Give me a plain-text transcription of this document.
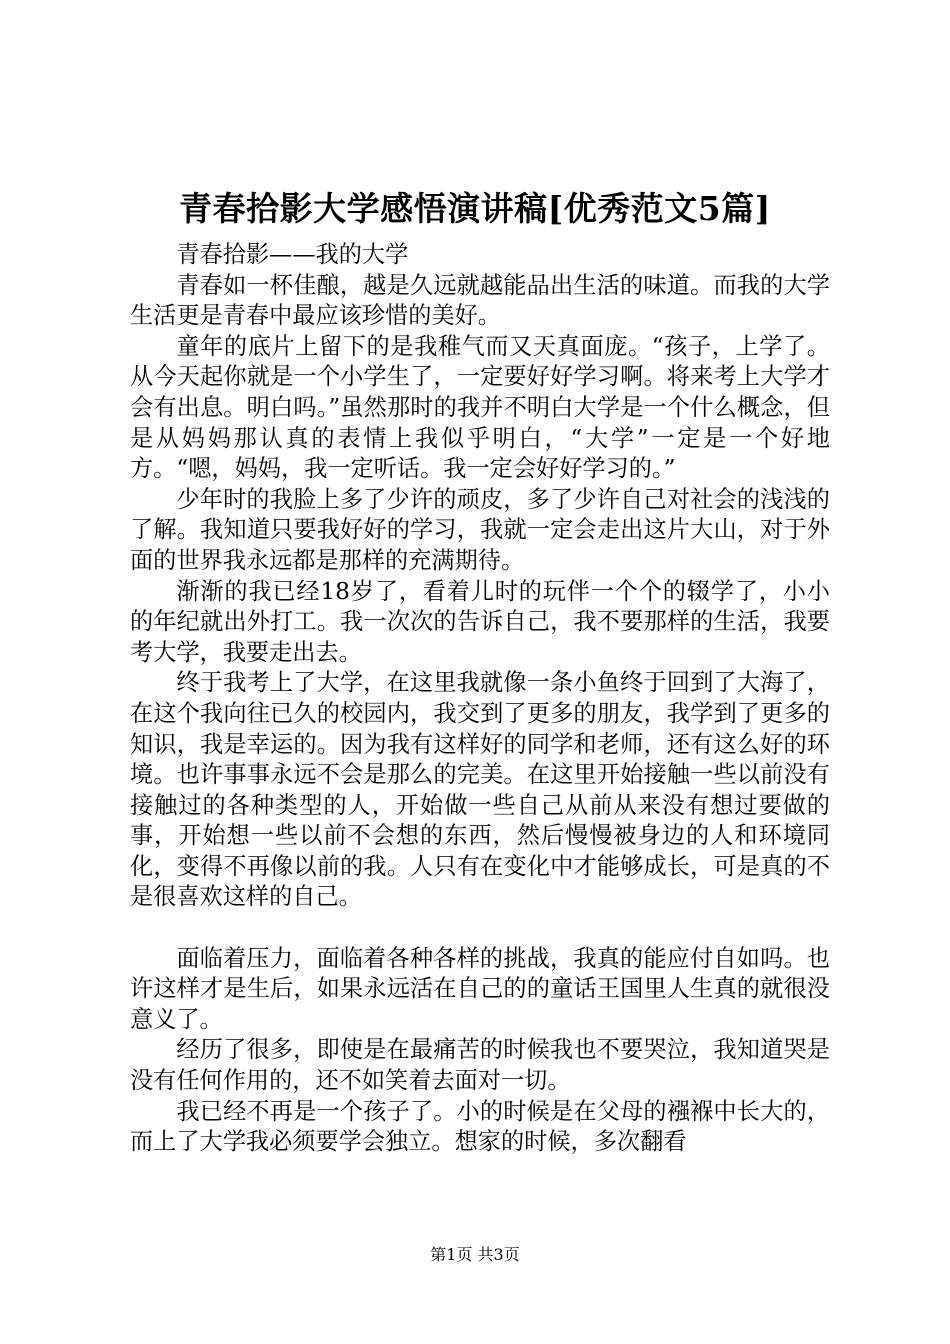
青春拾影大学感悟演讲稿[优秀范文5篇]

青春拾影——我的大学

青春如一杯佳酿，越是久远就越能品出生活的味道。而我的大学生活更是青春中最应该珍惜的美好。

童年的底片上留下的是我稚气而又天真面庞。“孩子，上学了。从今天起你就是一个小学生了，一定要好好学习啊。将来考上大学才会有出息。明白吗。”虽然那时的我并不明白大学是一个什么概念，但是从妈妈那认真的表情上我似乎明白，“大学”一定是一个好地方。“嗯，妈妈，我一定听话。我一定会好好学习的。”

少年时的我脸上多了少许的顽皮，多了少许自己对社会的浅浅的了解。我知道只要我好好的学习，我就一定会走出这片大山，对于外面的世界我永远都是那样的充满期待。

渐渐的我已经18岁了，看着儿时的玩伴一个个的辍学了，小小的年纪就出外打工。我一次次的告诉自己，我不要那样的生活，我要考大学，我要走出去。

终于我考上了大学，在这里我就像一条小鱼终于回到了大海了，在这个我向往已久的校园内，我交到了更多的朋友，我学到了更多的知识，我是幸运的。因为我有这样好的同学和老师，还有这么好的环境。也许事事永远不会是那么的完美。在这里开始接触一些以前没有接触过的各种类型的人，开始做一些自己从前从来没有想过要做的事，开始想一些以前不会想的东西，然后慢慢被身边的人和环境同化，变得不再像以前的我。人只有在变化中才能够成长，可是真的不是很喜欢这样的自己。

面临着压力，面临着各种各样的挑战，我真的能应付自如吗。也许这样才是生后，如果永远活在自己的的童话王国里人生真的就很没意义了。

经历了很多，即使是在最痛苦的时候我也不要哭泣，我知道哭是没有任何作用的，还不如笑着去面对一切。

我已经不再是一个孩子了。小的时候是在父母的襁褓中长大的，而上了大学我必须要学会独立。想家的时候，多次翻看

第1页 共3页
